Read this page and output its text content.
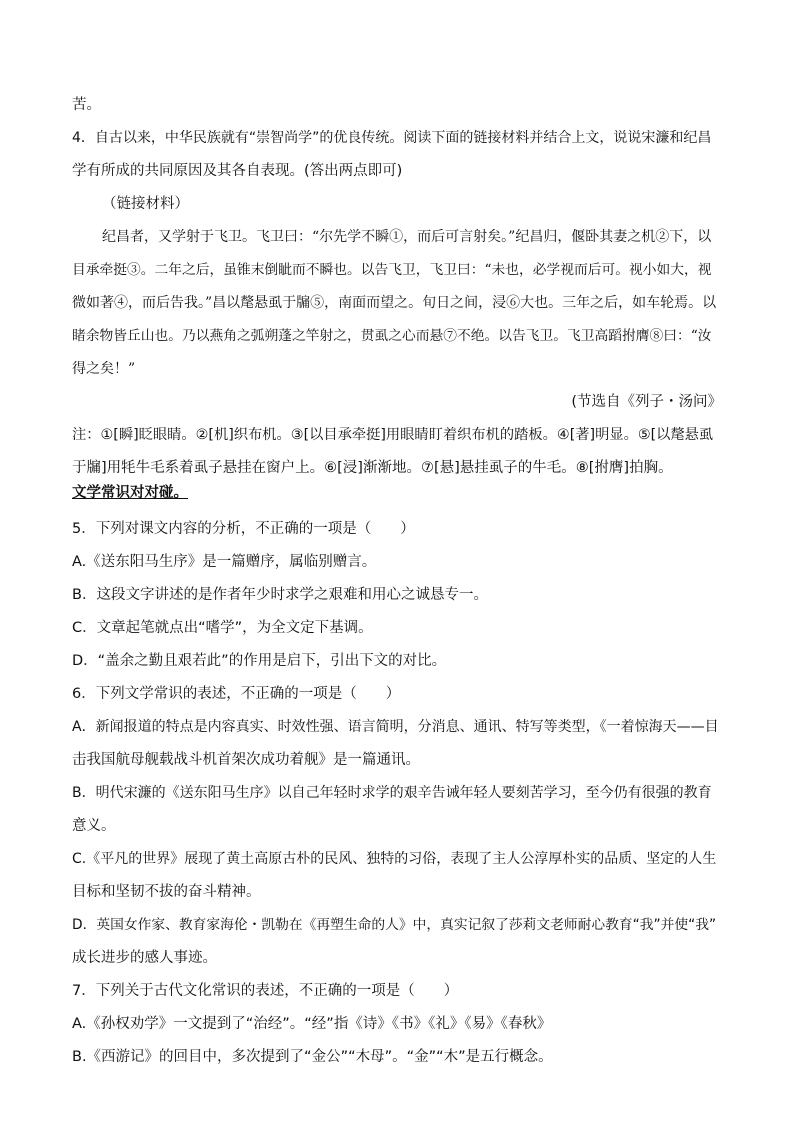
苦。
4．自古以来，中华民族就有“崇智尚学”的优良传统。阅读下面的链接材料并结合上文，说说宋濂和纪昌
学有所成的共同原因及其各自表现。(答出两点即可)
（链接材料）
纪昌者，又学射于飞卫。飞卫曰：“尔先学不瞬①，而后可言射矣。”纪昌归，偃卧其妻之机②下，以
目承牵挺③。二年之后，虽锥末倒眦而不瞬也。以告飞卫，飞卫曰：“未也，必学视而后可。视小如大，视
微如著④，而后告我。”昌以氂悬虱于牖⑤，南面而望之。旬日之间，浸⑥大也。三年之后，如车轮焉。以
睹余物皆丘山也。乃以燕角之弧朔蓬之竿射之，贯虱之心而悬⑦不绝。以告飞卫。飞卫高蹈拊膺⑧曰：“汝
得之矣！”
(节选自《列子・汤问》
注：①[瞬]眨眼睛。②[机]织布机。③[以目承牵挺]用眼睛盯着织布机的踏板。④[著]明显。⑤[以氂悬虱
于牖]用牦牛毛系着虱子悬挂在窗户上。⑥[浸]渐渐地。⑦[悬]悬挂虱子的牛毛。⑧[拊膺]拍胸。
文学常识对对碰。
5．下列对课文内容的分析，不正确的一项是（　　）
A.《送东阳马生序》是一篇赠序，属临别赠言。
B．这段文字讲述的是作者年少时求学之艰难和用心之诚恳专一。
C．文章起笔就点出“嗜学”，为全文定下基调。
D．“盖余之勤且艰若此”的作用是启下，引出下文的对比。
6．下列文学常识的表述，不正确的一项是（　　）
A．新闻报道的特点是内容真实、时效性强、语言简明，分消息、通讯、特写等类型，《一着惊海天——目
击我国航母舰载战斗机首架次成功着舰》是一篇通讯。
B．明代宋濂的《送东阳马生序》以自己年轻时求学的艰辛告诫年轻人要刻苦学习，至今仍有很强的教育
意义。
C.《平凡的世界》展现了黄土高原古朴的民风、独特的习俗，表现了主人公淳厚朴实的品质、坚定的人生
目标和坚韧不拔的奋斗精神。
D．英国女作家、教育家海伦・凯勒在《再塑生命的人》中，真实记叙了莎莉文老师耐心教育“我”并使“我”
成长进步的感人事迹。
7．下列关于古代文化常识的表述，不正确的一项是（　　）
A.《孙权劝学》一文提到了“治经”。“经”指《诗》《书》《礼》《易》《春秋》
B.《西游记》的回目中，多次提到了“金公”“木母”。“金”“木”是五行概念。
